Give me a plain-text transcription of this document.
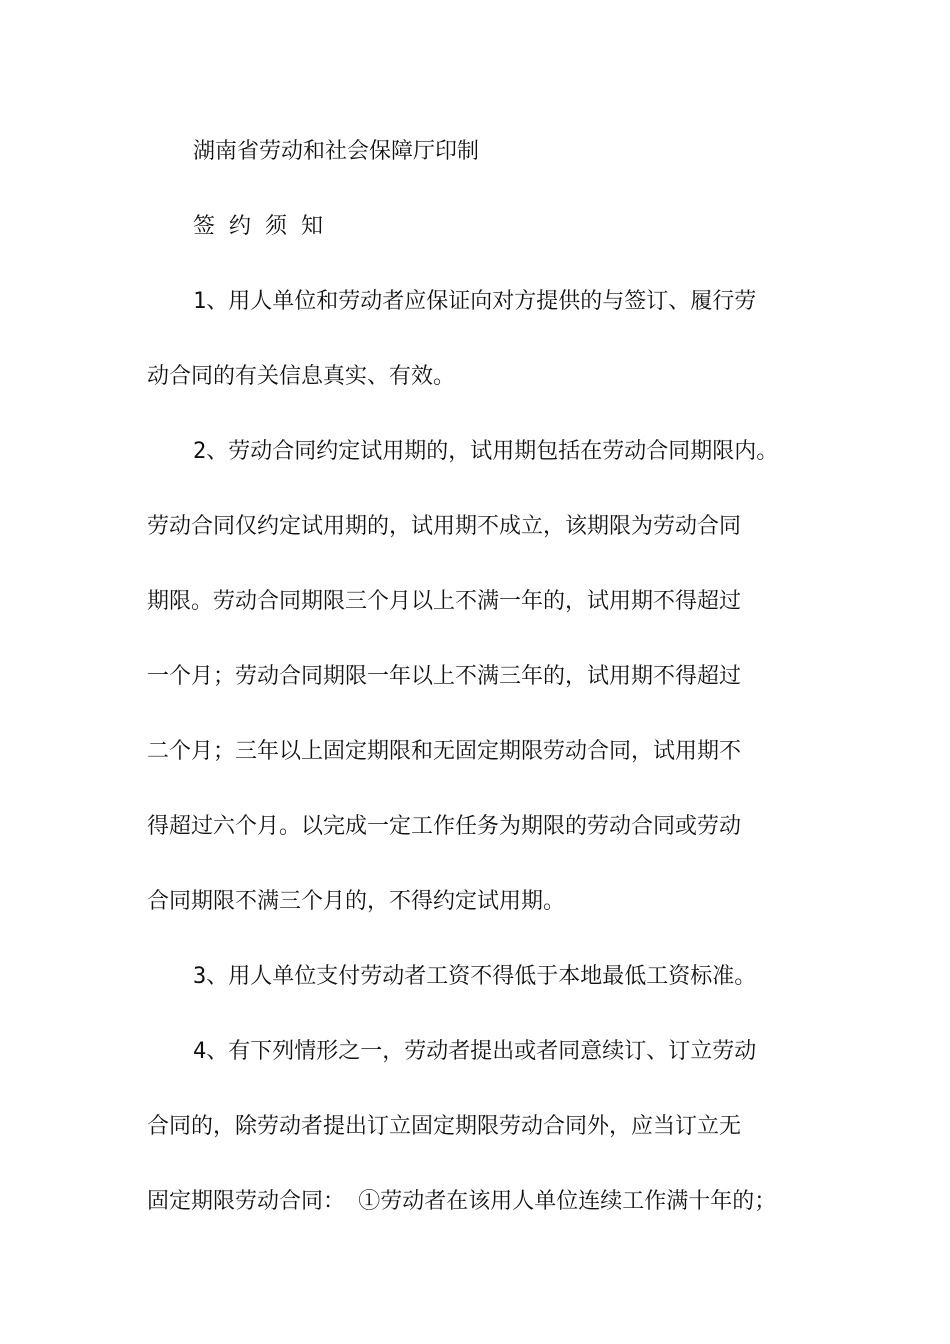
湖南省劳动和社会保障厅印制
签约须知
1、用人单位和劳动者应保证向对方提供的与签订、履行劳
动合同的有关信息真实、有效。
2、劳动合同约定试用期的，试用期包括在劳动合同期限内。
劳动合同仅约定试用期的，试用期不成立，该期限为劳动合同
期限。劳动合同期限三个月以上不满一年的，试用期不得超过
一个月；劳动合同期限一年以上不满三年的，试用期不得超过
二个月；三年以上固定期限和无固定期限劳动合同，试用期不
得超过六个月。以完成一定工作任务为期限的劳动合同或劳动
合同期限不满三个月的，不得约定试用期。
3、用人单位支付劳动者工资不得低于本地最低工资标准。
4、有下列情形之一，劳动者提出或者同意续订、订立劳动
合同的，除劳动者提出订立固定期限劳动合同外，应当订立无
固定期限劳动合同： ①劳动者在该用人单位连续工作满十年的；
